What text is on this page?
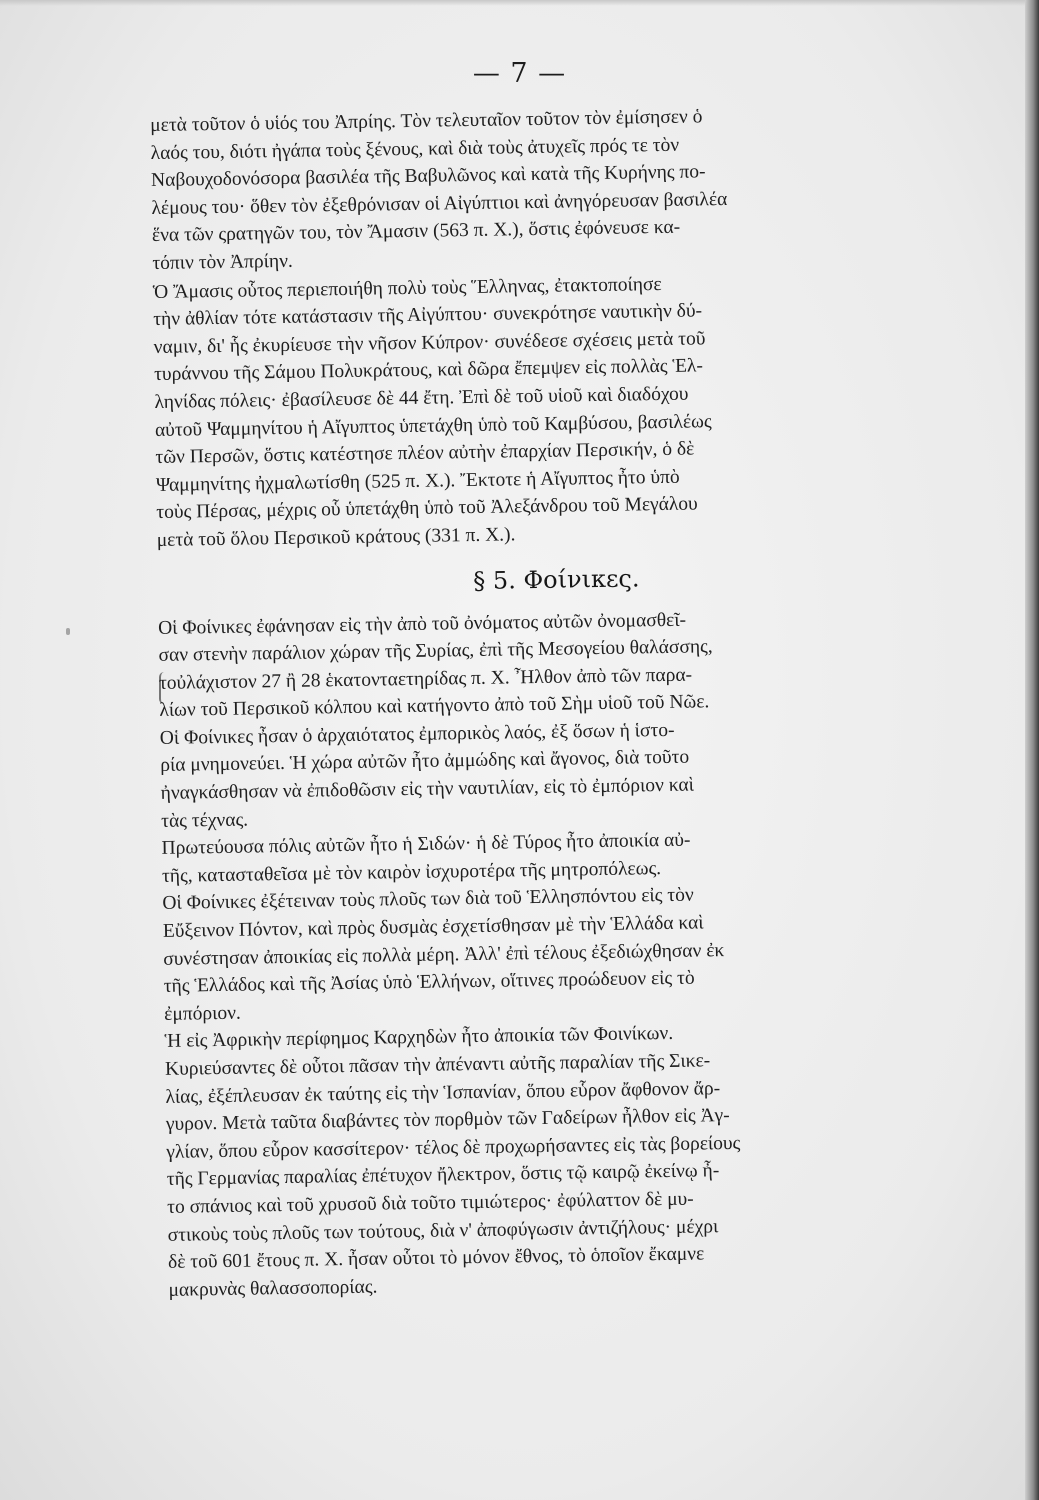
— 7 —

μετὰ τοῦτον ὁ υἱός του Ἀπρίης. Τὸν τελευταῖον τοῦτον τὸν ἐμίσησεν ὁ
λαός του, διότι ἠγάπα τοὺς ξένους, καὶ διὰ τοὺς ἀτυχεῖς πρός τε τὸν
Ναβουχοδονόσορα βασιλέα τῆς Βαβυλῶνος καὶ κατὰ τῆς Κυρήνης πο-
λέμους του· ὅθεν τὸν ἐξεθρόνισαν οἱ Αἰγύπτιοι καὶ ἀνηγόρευσαν βασιλέα
ἕνα τῶν ςρατηγῶν του, τὸν Ἄμασιν (563 π. Χ.), ὅστις ἐφόνευσε κα-
τόπιν τὸν Ἀπρίην.

Ὁ Ἄμασις οὗτος περιεποιήθη πολὺ τοὺς Ἕλληνας, ἐτακτοποίησε
τὴν ἀθλίαν τότε κατάστασιν τῆς Αἰγύπτου· συνεκρότησε ναυτικὴν δύ-
ναμιν, δι' ἧς ἐκυρίευσε τὴν νῆσον Κύπρον· συνέδεσε σχέσεις μετὰ τοῦ
τυράννου τῆς Σάμου Πολυκράτους, καὶ δῶρα ἔπεμψεν εἰς πολλὰς Ἑλ-
ληνίδας πόλεις· ἐβασίλευσε δὲ 44 ἔτη. Ἐπὶ δὲ τοῦ υἱοῦ καὶ διαδόχου
αὐτοῦ Ψαμμηνίτου ἡ Αἴγυπτος ὑπετάχθη ὑπὸ τοῦ Καμβύσου, βασιλέως
τῶν Περσῶν, ὅστις κατέστησε πλέον αὐτὴν ἐπαρχίαν Περσικήν, ὁ δὲ
Ψαμμηνίτης ἠχμαλωτίσθη (525 π. Χ.). Ἔκτοτε ἡ Αἴγυπτος ἦτο ὑπὸ
τοὺς Πέρσας, μέχρις οὗ ὑπετάχθη ὑπὸ τοῦ Ἀλεξάνδρου τοῦ Μεγάλου
μετὰ τοῦ ὅλου Περσικοῦ κράτους (331 π. Χ.).

§ 5. Φοίνικες.

Οἱ Φοίνικες ἐφάνησαν εἰς τὴν ἀπὸ τοῦ ὀνόματος αὐτῶν ὀνομασθεῖ-
σαν στενὴν παράλιον χώραν τῆς Συρίας, ἐπὶ τῆς Μεσογείου θαλάσσης,
τοὐλάχιστον 27 ἢ 28 ἑκατονταετηρίδας π. Χ. Ἦλθον ἀπὸ τῶν παρα-
λίων τοῦ Περσικοῦ κόλπου καὶ κατήγοντο ἀπὸ τοῦ Σὴμ υἱοῦ τοῦ Νῶε.

Οἱ Φοίνικες ἦσαν ὁ ἀρχαιότατος ἐμπορικὸς λαός, ἐξ ὅσων ἡ ἱστο-
ρία μνημονεύει. Ἡ χώρα αὐτῶν ἦτο ἀμμώδης καὶ ἄγονος, διὰ τοῦτο
ἠναγκάσθησαν νὰ ἐπιδοθῶσιν εἰς τὴν ναυτιλίαν, εἰς τὸ ἐμπόριον καὶ
τὰς τέχνας.

Πρωτεύουσα πόλις αὐτῶν ἦτο ἡ Σιδών· ἡ δὲ Τύρος ἦτο ἀποικία αὐ-
τῆς, κατασταθεῖσα μὲ τὸν καιρὸν ἰσχυροτέρα τῆς μητροπόλεως.

Οἱ Φοίνικες ἐξέτειναν τοὺς πλοῦς των διὰ τοῦ Ἑλλησπόντου εἰς τὸν
Εὔξεινον Πόντον, καὶ πρὸς δυσμὰς ἐσχετίσθησαν μὲ τὴν Ἑλλάδα καὶ
συνέστησαν ἀποικίας εἰς πολλὰ μέρη. Ἀλλ' ἐπὶ τέλους ἐξεδιώχθησαν ἐκ
τῆς Ἑλλάδος καὶ τῆς Ἀσίας ὑπὸ Ἑλλήνων, οἵτινες προώδευον εἰς τὸ
ἐμπόριον.

Ἡ εἰς Ἀφρικὴν περίφημος Καρχηδὼν ἦτο ἀποικία τῶν Φοινίκων.
Κυριεύσαντες δὲ οὗτοι πᾶσαν τὴν ἀπέναντι αὐτῆς παραλίαν τῆς Σικε-
λίας, ἐξέπλευσαν ἐκ ταύτης εἰς τὴν Ἱσπανίαν, ὅπου εὗρον ἄφθονον ἄρ-
γυρον. Μετὰ ταῦτα διαβάντες τὸν πορθμὸν τῶν Γαδείρων ἦλθον εἰς Ἀγ-
γλίαν, ὅπου εὗρον κασσίτερον· τέλος δὲ προχωρήσαντες εἰς τὰς βορείους
τῆς Γερμανίας παραλίας ἐπέτυχον ἤλεκτρον, ὅστις τῷ καιρῷ ἐκείνῳ ἦ-
το σπάνιος καὶ τοῦ χρυσοῦ διὰ τοῦτο τιμιώτερος· ἐφύλαττον δὲ μυ-
στικοὺς τοὺς πλοῦς των τούτους, διὰ ν' ἀποφύγωσιν ἀντιζήλους· μέχρι
δὲ τοῦ 601 ἔτους π. Χ. ἦσαν οὗτοι τὸ μόνον ἔθνος, τὸ ὁποῖον ἔκαμνε
μακρυνὰς θαλασσοπορίας.
